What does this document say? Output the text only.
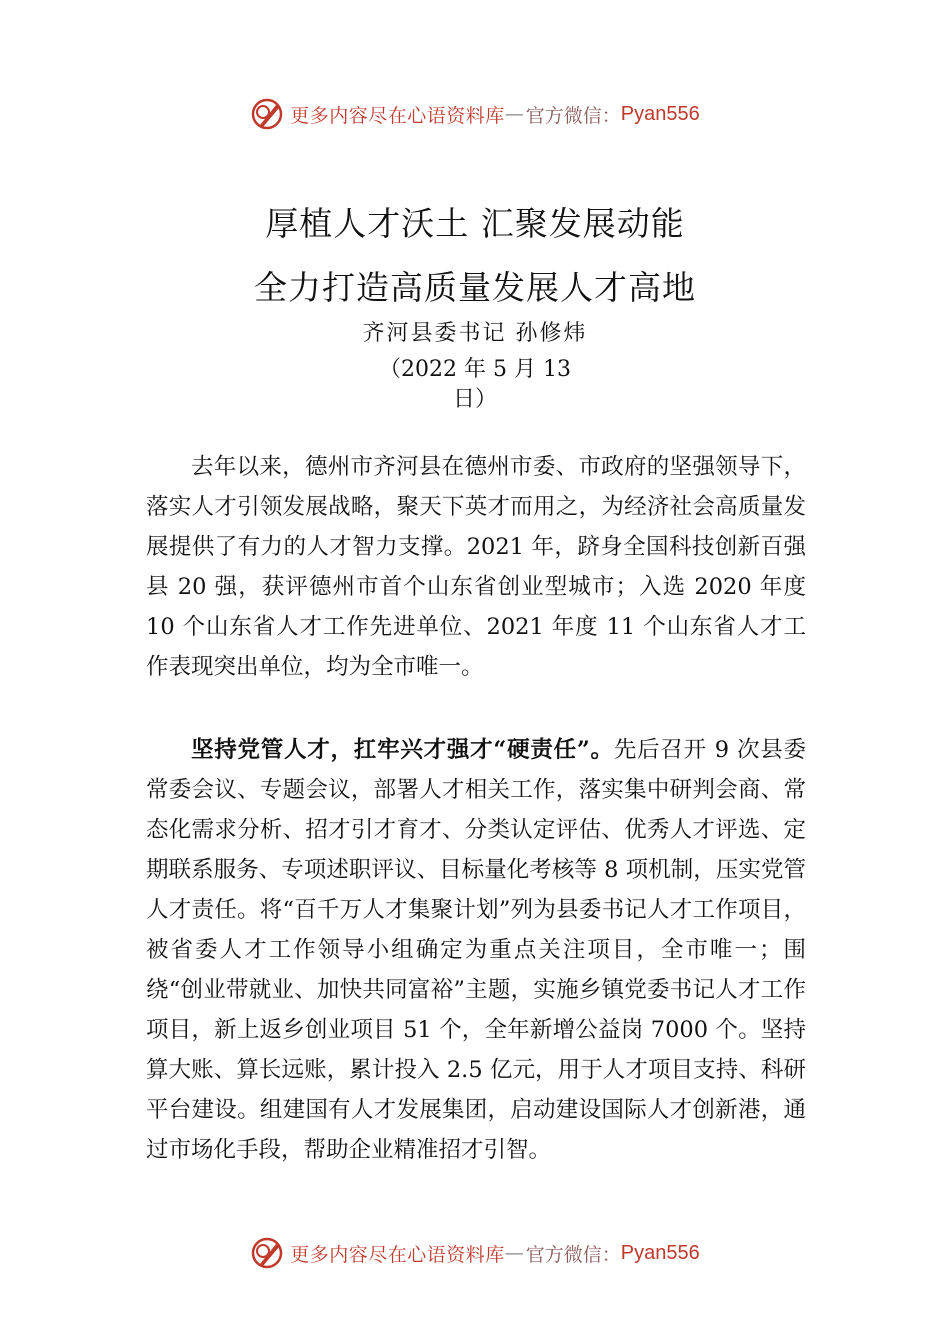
更多内容尽在心语资料库 — 官方微信： Pyan556
厚植人才沃土 汇聚发展动能
全力打造高质量发展人才高地
齐河县委书记 孙修炜
（2022 年 5 月 13
日）

去年以来，德州市齐河县在德州市委、市政府的坚强领导下，落实人才引领发展战略，聚天下英才而用之，为经济社会高质量发展提供了有力的人才智力支撑。2021 年，跻身全国科技创新百强县 20 强，获评德州市首个山东省创业型城市；入选 2020 年度 10 个山东省人才工作先进单位、2021 年度 11 个山东省人才工作表现突出单位，均为全市唯一。

坚持党管人才，扛牢兴才强才“硬责任”。先后召开 9 次县委常委会议、专题会议，部署人才相关工作，落实集中研判会商、常态化需求分析、招才引才育才、分类认定评估、优秀人才评选、定期联系服务、专项述职评议、目标量化考核等 8 项机制，压实党管人才责任。将“百千万人才集聚计划”列为县委书记人才工作项目，被省委人才工作领导小组确定为重点关注项目，全市唯一；围绕“创业带就业、加快共同富裕”主题，实施乡镇党委书记人才工作项目，新上返乡创业项目 51 个，全年新增公益岗 7000 个。坚持算大账、算长远账，累计投入 2.5 亿元，用于人才项目支持、科研平台建设。组建国有人才发展集团，启动建设国际人才创新港，通过市场化手段，帮助企业精准招才引智。

更多内容尽在心语资料库 — 官方微信： Pyan556
